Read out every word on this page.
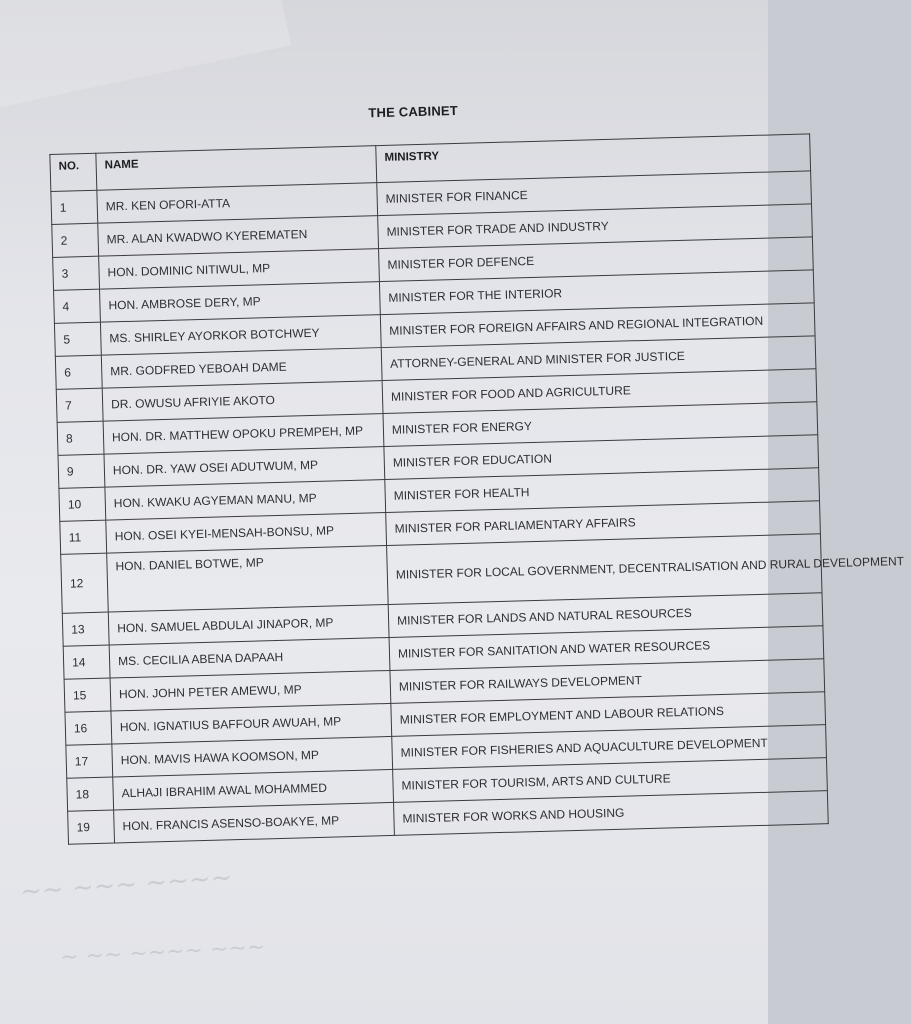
THE CABINET
NO.	NAME	MINISTRY
1	MR. KEN OFORI-ATTA	MINISTER FOR FINANCE
2	MR. ALAN KWADWO KYEREMATEN	MINISTER FOR TRADE AND INDUSTRY
3	HON. DOMINIC NITIWUL, MP	MINISTER FOR DEFENCE
4	HON. AMBROSE DERY, MP	MINISTER FOR THE INTERIOR
5	MS. SHIRLEY AYORKOR BOTCHWEY	MINISTER FOR FOREIGN AFFAIRS AND REGIONAL INTEGRATION
6	MR. GODFRED YEBOAH DAME	ATTORNEY-GENERAL AND MINISTER FOR JUSTICE
7	DR. OWUSU AFRIYIE AKOTO	MINISTER FOR FOOD AND AGRICULTURE
8	HON. DR. MATTHEW OPOKU PREMPEH, MP	MINISTER FOR ENERGY
9	HON. DR. YAW OSEI ADUTWUM, MP	MINISTER FOR EDUCATION
10	HON. KWAKU AGYEMAN MANU, MP	MINISTER FOR HEALTH
11	HON. OSEI KYEI-MENSAH-BONSU, MP	MINISTER FOR PARLIAMENTARY AFFAIRS
12	HON. DANIEL BOTWE, MP	MINISTER FOR LOCAL GOVERNMENT, DECENTRALISATION AND RURAL DEVELOPMENT
13	HON. SAMUEL ABDULAI JINAPOR, MP	MINISTER FOR LANDS AND NATURAL RESOURCES
14	MS. CECILIA ABENA DAPAAH	MINISTER FOR SANITATION AND WATER RESOURCES
15	HON. JOHN PETER AMEWU, MP	MINISTER FOR RAILWAYS DEVELOPMENT
16	HON. IGNATIUS BAFFOUR AWUAH, MP	MINISTER FOR EMPLOYMENT AND LABOUR RELATIONS
17	HON. MAVIS HAWA KOOMSON, MP	MINISTER FOR FISHERIES AND AQUACULTURE DEVELOPMENT
18	ALHAJI IBRAHIM AWAL MOHAMMED	MINISTER FOR TOURISM, ARTS AND CULTURE
19	HON. FRANCIS ASENSO-BOAKYE, MP	MINISTER FOR WORKS AND HOUSING
~~ ~~~ ~~~~
~ ~~ ~~~~ ~~~
